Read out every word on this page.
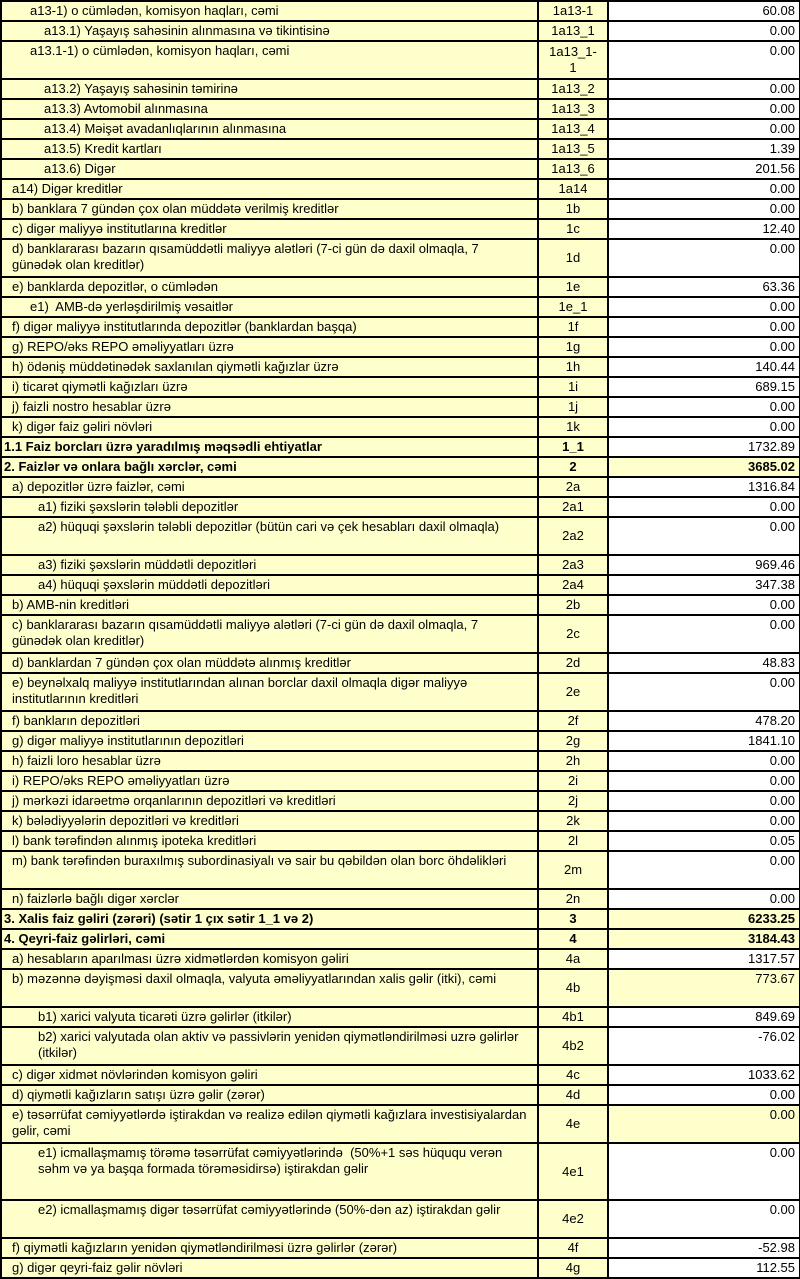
a13-1) o cümlədən, komisyon haqları, cəmi	1a13-1	60.08
a13.1) Yaşayış sahəsinin alınmasına və tikintisinə	1a13_1	0.00
a13.1-1) o cümlədən, komisyon haqları, cəmi	1a13_1-1	0.00
a13.2) Yaşayış sahəsinin təmirinə	1a13_2	0.00
a13.3) Avtomobil alınmasına	1a13_3	0.00
a13.4) Məişət avadanlıqlarının alınmasına	1a13_4	0.00
a13.5) Kredit kartları	1a13_5	1.39
a13.6) Digər	1a13_6	201.56
a14) Digər kreditlər	1a14	0.00
b) banklara 7 gündən çox olan müddətə verilmiş kreditlər	1b	0.00
c) digər maliyyə institutlarına kreditlər	1c	12.40
d) banklararası bazarın qısamüddətli maliyyə alətləri (7-ci gün də daxil olmaqla, 7 günədək olan kreditlər)	1d	0.00
e) banklarda depozitlər, o cümlədən	1e	63.36
e1)  AMB-də yerləşdirilmiş vəsaitlər	1e_1	0.00
f) digər maliyyə institutlarında depozitlər (banklardan başqa)	1f	0.00
g) REPO/əks REPO əməliyyatları üzrə	1g	0.00
h) ödəniş müddətinədək saxlanılan qiymətli kağızlar üzrə	1h	140.44
i) ticarət qiymətli kağızları üzrə	1i	689.15
j) faizli nostro hesablar üzrə	1j	0.00
k) digər faiz gəliri növləri	1k	0.00
1.1 Faiz borcları üzrə yaradılmış məqsədli ehtiyatlar	1_1	1732.89
2. Faizlər və onlara bağlı xərclər, cəmi	2	3685.02
a) depozitlər üzrə faizlər, cəmi	2a	1316.84
a1) fiziki şəxslərin tələbli depozitlər	2a1	0.00
a2) hüquqi şəxslərin tələbli depozitlər (bütün cari və çek hesabları daxil olmaqla)	2a2	0.00
a3) fiziki şəxslərin müddətli depozitləri	2a3	969.46
a4) hüquqi şəxslərin müddətli depozitləri	2a4	347.38
b) AMB-nin kreditləri	2b	0.00
c) banklararası bazarın qısamüddətli maliyyə alətləri (7-ci gün də daxil olmaqla, 7 günədək olan kreditlər)	2c	0.00
d) banklardan 7 gündən çox olan müddətə alınmış kreditlər	2d	48.83
e) beynəlxalq maliyyə institutlarından alınan borclar daxil olmaqla digər maliyyə institutlarının kreditləri	2e	0.00
f) bankların depozitləri	2f	478.20
g) digər maliyyə institutlarının depozitləri	2g	1841.10
h) faizli loro hesablar üzrə	2h	0.00
i) REPO/əks REPO əməliyyatları üzrə	2i	0.00
j) mərkəzi idarəetmə orqanlarının depozitləri və kreditləri	2j	0.00
k) bələdiyyələrin depozitləri və kreditləri	2k	0.00
l) bank tərəfindən alınmış ipoteka kreditləri	2l	0.05
m) bank tərəfindən buraxılmış subordinasiyalı və sair bu qəbildən olan borc öhdəlikləri	2m	0.00
n) faizlərlə bağlı digər xərclər	2n	0.00
3. Xalis faiz gəliri (zərəri) (sətir 1 çıx sətir 1_1 və 2)	3	6233.25
4. Qeyri-faiz gəlirləri, cəmi	4	3184.43
a) hesabların aparılması üzrə xidmətlərdən komisyon gəliri	4a	1317.57
b) məzənnə dəyişməsi daxil olmaqla, valyuta əməliyyatlarından xalis gəlir (itki), cəmi	4b	773.67
b1) xarici valyuta ticarəti üzrə gəlirlər (itkilər)	4b1	849.69
b2) xarici valyutada olan aktiv və passivlərin yenidən qiymətləndirilməsi uzrə gəlirlər (itkilər)	4b2	-76.02
c) digər xidmət növlərindən komisyon gəliri	4c	1033.62
d) qiymətli kağızların satışı üzrə gəlir (zərər)	4d	0.00
e) təsərrüfat cəmiyyətlərdə iştirakdan və realizə edilən qiymətli kağızlara investisiyalardan gəlir, cəmi	4e	0.00
e1) icmallaşmamış törəmə təsərrüfat cəmiyyətlərində  (50%+1 səs hüququ verən səhm və ya başqa formada törəməsidirsə) iştirakdan gəlir	4e1	0.00
e2) icmallaşmamış digər təsərrüfat cəmiyyətlərində (50%-dən az) iştirakdan gəlir	4e2	0.00
f) qiymətli kağızların yenidən qiymətləndirilməsi üzrə gəlirlər (zərər)	4f	-52.98
g) digər qeyri-faiz gəlir növləri	4g	112.55
